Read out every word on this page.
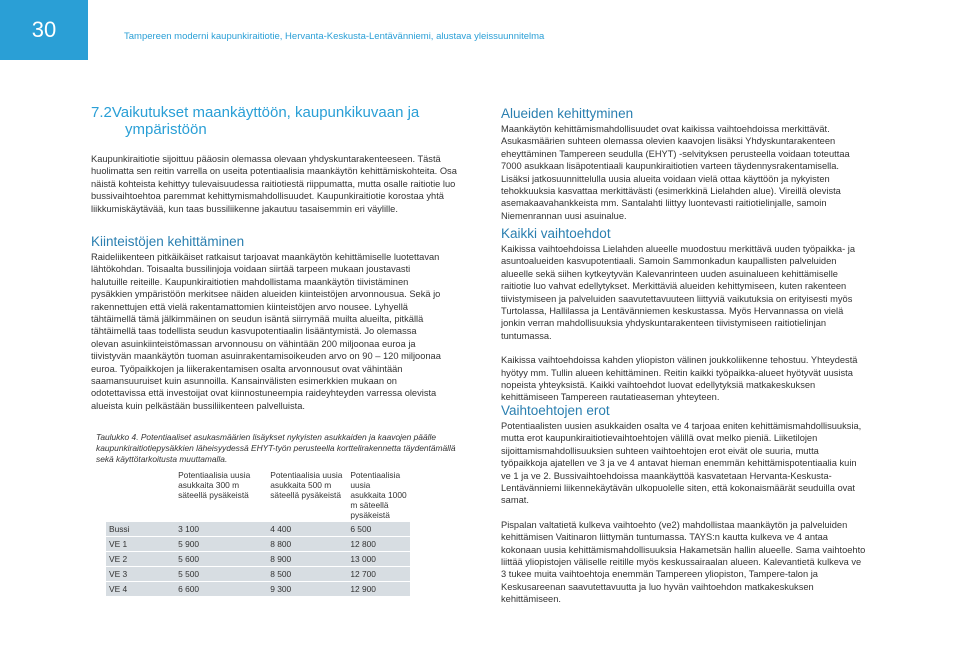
30	Tampereen moderni kaupunkiraitiotie, Hervanta-Keskusta-Lentävänniemi, alustava yleissuunnitelma
7.2Vaikutukset maankäyttöön, kaupunkikuvaan ja
ympäristöön

Kaupunkiraitiotie sijoittuu pääosin olemassa olevaan yhdyskuntarakenteeseen. Tästä huolimatta sen reitin varrella on useita potentiaalisia maankäytön kehittämiskohteita. Osa näistä kohteista kehittyy tulevaisuudessa raitiotiestä riippumatta, mutta osalle raitiotie luo bussivaihtoehtoa paremmat kehittymismahdollisuudet. Kaupunkiraitiotie korostaa yhtä liikkumiskäytävää, kun taas bussiliikenne jakautuu tasaisemmin eri väylille.

Kiinteistöjen kehittäminen

Raideliikenteen pitkäikäiset ratkaisut tarjoavat maankäytön kehittämiselle luotettavan lähtökohdan. Toisaalta bussilinjoja voidaan siirtää tarpeen mukaan joustavasti halutuille reiteille. Kaupunkiraitiotien mahdollistama maankäytön tiivistäminen pysäkkien ympäristöön merkitsee näiden alueiden kiinteistöjen arvonnousua. Sekä jo rakennettujen että vielä rakentamattomien kiinteistöjen arvo nousee. Lyhyellä tähtäimellä tämä jälkimmäinen on seudun isäntä siirrymää muilta alueilta, pitkällä tähtäimellä taas todellista seudun kasvupotentiaalin lisääntymistä. Jo olemassa olevan asuinkiinteistömassan arvonnousu on vähintään 200 miljoonaa euroa ja tiivistyvän maankäytön tuoman asuinrakentamisoikeuden arvo on 90 – 120 miljoonaa euroa. Työpaikkojen ja liikerakentamisen osalta arvonnousut ovat vähintään saamansuuruiset kuin asunnoilla. Kansainvälisten esimerkkien mukaan on odotettavissa että investoijat ovat kiinnostuneempia raideyhteyden varressa olevista alueista kuin pelkästään bussiliikenteen palvelluista.

Taulukko 4. Potentiaaliset asukasmäärien lisäykset nykyisten asukkaiden ja kaavojen päälle kaupunkiraitiotiepysäkkien läheisyydessä EHYT-työn perusteella korttelirakennetta täydentämällä sekä käyttötarkoitusta muuttamalla.

	Potentiaalisia uusia asukkaita 300 m säteellä pysäkeistä	Potentiaalisia uusia asukkaita 500 m säteellä pysäkeistä	Potentiaalisia uusia asukkaita 1000 m säteellä pysäkeistä
Bussi	3 100	4 400	6 500
VE 1	5 900	8 800	12 800
VE 2	5 600	8 900	13 000
VE 3	5 500	8 500	12 700
VE 4	6 600	9 300	12 900
Alueiden kehittyminen

Maankäytön kehittämismahdollisuudet ovat kaikissa vaihtoehdoissa merkittävät. Asukasmäärien suhteen olemassa olevien kaavojen lisäksi Yhdyskuntarakenteen eheyttäminen Tampereen seudulla (EHYT) -selvityksen perusteella voidaan toteuttaa 7000 asukkaan lisäpotentiaali kaupunkiraitiotien varteen täydennysrakentamisella. Lisäksi jatkosuunnittelulla uusia alueita voidaan vielä ottaa käyttöön ja nykyisten tehokkuuksia kasvattaa merkittävästi (esimerkkinä Lielahden alue). Vireillä olevista asemakaavahankkeista mm. Santalahti liittyy luontevasti raitiotielinjalle, samoin Niemenrannan uusi asuinalue.

Kaikki vaihtoehdot

Kaikissa vaihtoehdoissa Lielahden alueelle muodostuu merkittävä uuden työpaikka- ja asuntoalueiden kasvupotentiaali. Samoin Sammonkadun kaupallisten palveluiden alueelle sekä siihen kytkeytyvän Kalevanrinteen uuden asuinalueen kehittämiselle raitiotie luo vahvat edellytykset. Merkittäviä alueiden kehittymiseen, kuten rakenteen tiivistymiseen ja palveluiden saavutettavuuteen liittyviä vaikutuksia on erityisesti myös Turtolassa, Hallilassa ja Lentävänniemen keskustassa. Myös Hervannassa on vielä jonkin verran mahdollisuuksia yhdyskuntarakenteen tiivistymiseen raitiotielinjan tuntumassa.

Kaikissa vaihtoehdoissa kahden yliopiston välinen joukkoliikenne tehostuu. Yhteydestä hyötyy mm. Tullin alueen kehittäminen. Reitin kaikki työpaikka-alueet hyötyvät uusista nopeista yhteyksistä. Kaikki vaihtoehdot luovat edellytyksiä matkakeskuksen kehittämiseen Tampereen rautatieaseman yhteyteen.

Vaihtoehtojen erot

Potentiaalisten uusien asukkaiden osalta ve 4 tarjoaa eniten kehittämismahdollisuuksia, mutta erot kaupunkiraitiotievaihtoehtojen välillä ovat melko pieniä. Liiketilojen sijoittamismahdollisuuksien suhteen vaihtoehtojen erot eivät ole suuria, mutta työpaikkoja ajatellen ve 3 ja ve 4 antavat hieman enemmän kehittämispotentiaalia kuin ve 1 ja ve 2. Bussivaihtoehdoissa maankäyttöä kasvatetaan Hervanta-Keskusta-Lentävänniemi liikennekäytävän ulkopuolelle siten, että kokonaismäärät seuduilla ovat samat.

Pispalan valtatietä kulkeva vaihtoehto (ve2) mahdollistaa maankäytön ja palveluiden kehittämisen Vaitinaron liittymän tuntumassa. TAYS:n kautta kulkeva ve 4 antaa kokonaan uusia kehittämismahdollisuuksia Hakametsän hallin alueelle. Sama vaihtoehto liittää yliopistojen väliselle reitille myös keskussairaalan alueen. Kalevantietä kulkeva ve 3 tukee muita vaihtoehtoja enemmän Tampereen yliopiston, Tampere-talon ja Keskusareenan saavutettavuutta ja luo hyvän vaihtoehdon matkakeskuksen kehittämiseen.
